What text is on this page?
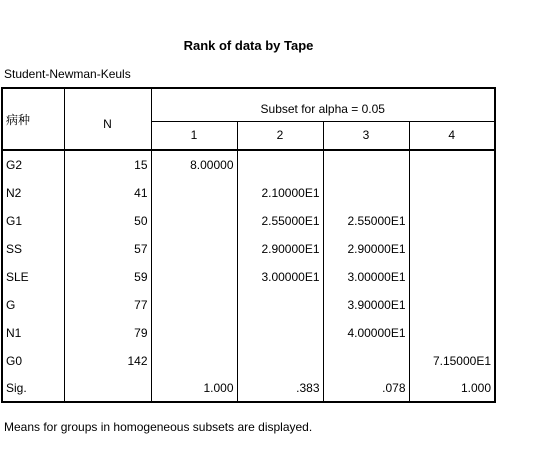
Rank of data by Tape
Student-Newman-Keuls
病种	N	Subset for alpha = 0.05			
		1	2	3	4
G2	15	8.00000			
N2	41		2.10000E1		
G1	50		2.55000E1	2.55000E1	
SS	57		2.90000E1	2.90000E1	
SLE	59		3.00000E1	3.00000E1	
G	77			3.90000E1	
N1	79			4.00000E1	
G0	142				7.15000E1
Sig.		1.000	.383	.078	1.000
Means for groups in homogeneous subsets are displayed.
